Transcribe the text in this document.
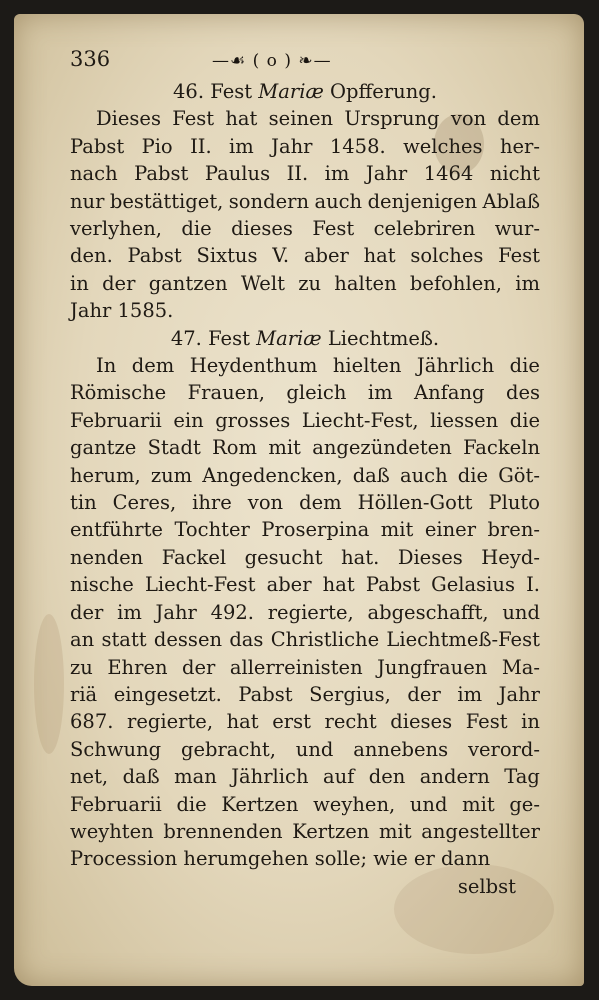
336	—☙ ( o ) ❧—
46. Fest Mariæ Opfferung.
Dieses Fest hat seinen Ursprung von dem
Pabst Pio II. im Jahr 1458. welches her-
nach Pabst Paulus II. im Jahr 1464 nicht
nur bestättiget, sondern auch denjenigen Ablaß
verlyhen, die dieses Fest celebriren wur-
den. Pabst Sixtus V. aber hat solches Fest
in der gantzen Welt zu halten befohlen, im
Jahr 1585.
47. Fest Mariæ Liechtmeß.
In dem Heydenthum hielten Jährlich die
Römische Frauen, gleich im Anfang des
Februarii ein grosses Liecht-Fest, liessen die
gantze Stadt Rom mit angezündeten Fackeln
herum, zum Angedencken, daß auch die Göt-
tin Ceres, ihre von dem Höllen-Gott Pluto
entführte Tochter Proserpina mit einer bren-
nenden Fackel gesucht hat. Dieses Heyd-
nische Liecht-Fest aber hat Pabst Gelasius I.
der im Jahr 492. regierte, abgeschafft, und
an statt dessen das Christliche Liechtmeß-Fest
zu Ehren der allerreinisten Jungfrauen Ma-
riä eingesetzt. Pabst Sergius, der im Jahr
687. regierte, hat erst recht dieses Fest in
Schwung gebracht, und annebens verord-
net, daß man Jährlich auf den andern Tag
Februarii die Kertzen weyhen, und mit ge-
weyhten brennenden Kertzen mit angestellter
Procession herumgehen solle; wie er dann
selbst
